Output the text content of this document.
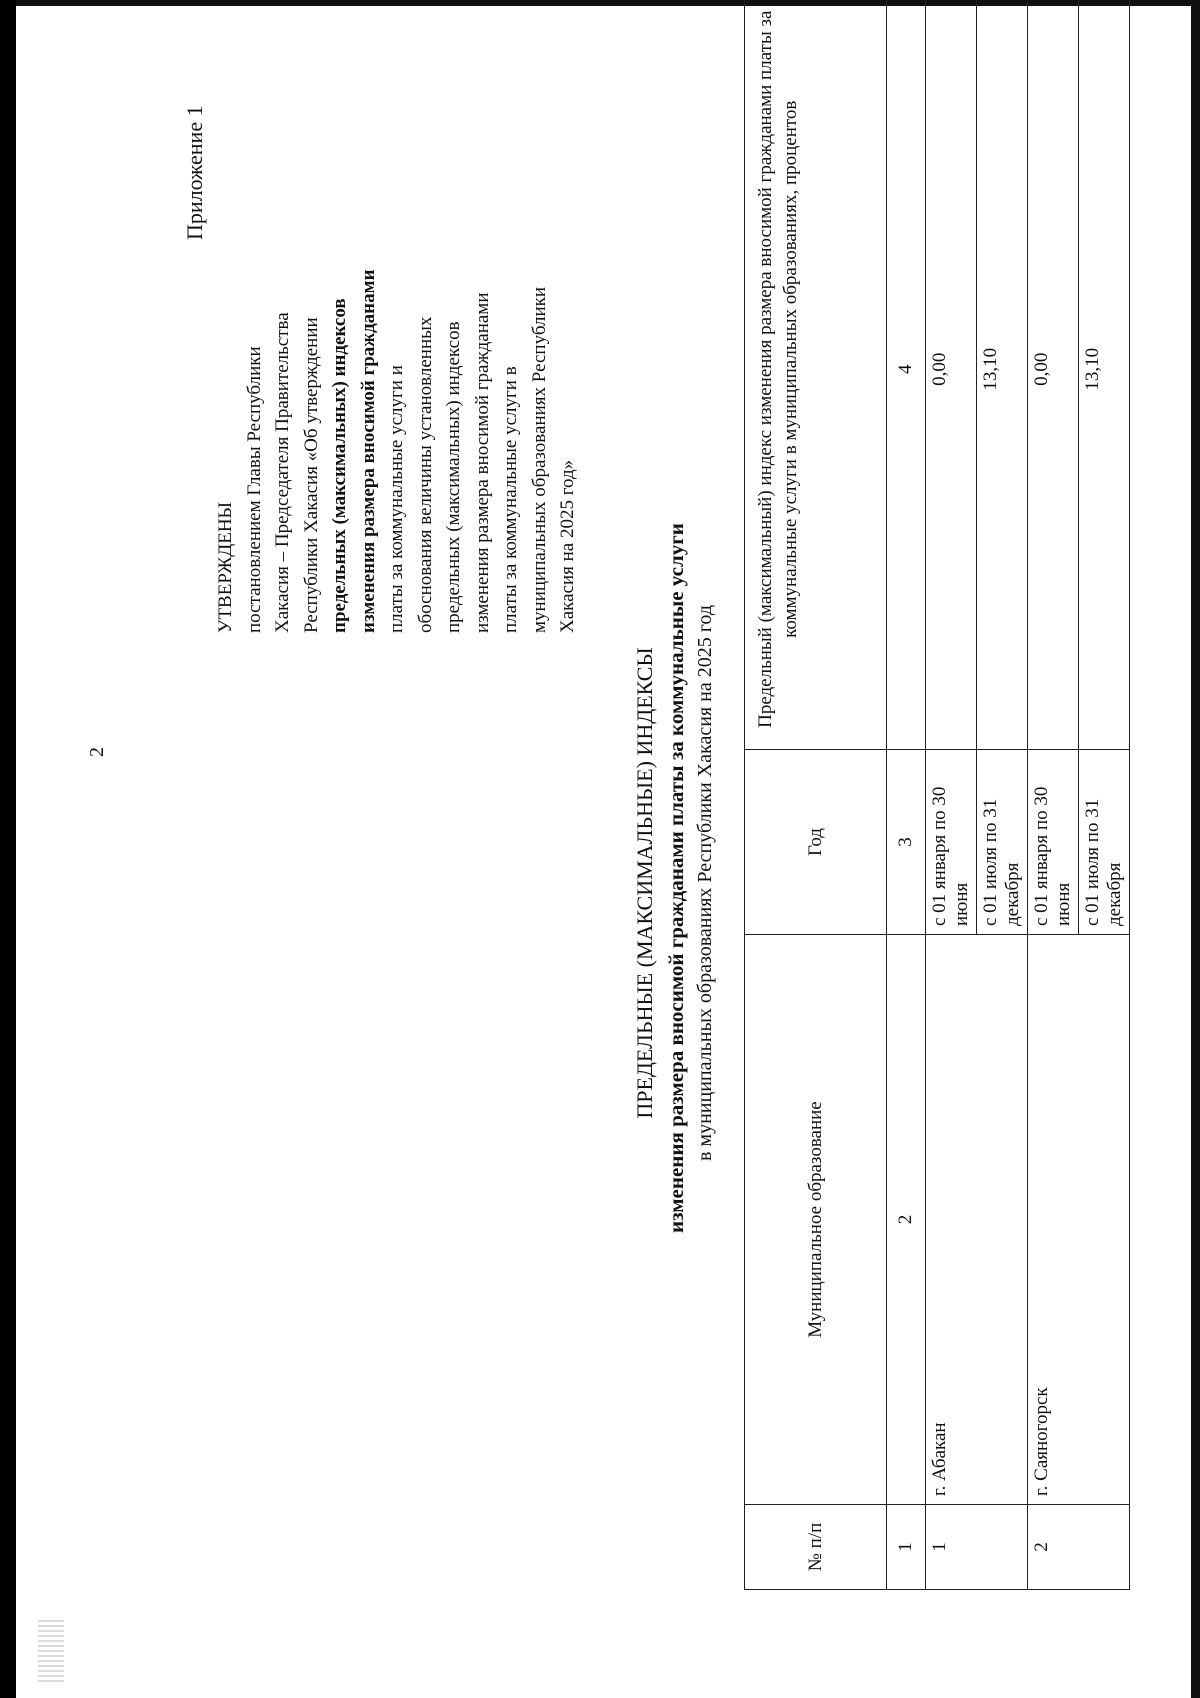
2
Приложение 1
УТВЕРЖДЕНЫ постановлением Главы Республики Хакасия – Председателя Правительства Республики Хакасия «Об утверждении предельных (максимальных) индексов изменения размера вносимой гражданами платы за коммунальные услуги и обоснования величины установленных предельных (максимальных) индексов изменения размера вносимой гражданами платы за коммунальные услуги в муниципальных образованиях Республики Хакасия на 2025 год»
ПРЕДЕЛЬНЫЕ (МАКСИМАЛЬНЫЕ) ИНДЕКСЫ изменения размера вносимой гражданами платы за коммунальные услуги в муниципальных образованиях Республики Хакасия на 2025 год
№ п/п	Муниципальное образование	Год	Предельный (максимальный) индекс изменения размера вносимой гражданами платы за коммунальные услуги в муниципальных образованиях, процентов
1	2	3	4
1	г. Абакан	с 01 января по 30 июня	0,00
		с 01 июля по 31 декабря	13,10
2	г. Саяногорск	с 01 января по 30 июня	0,00
		с 01 июля по 31 декабря	13,10
